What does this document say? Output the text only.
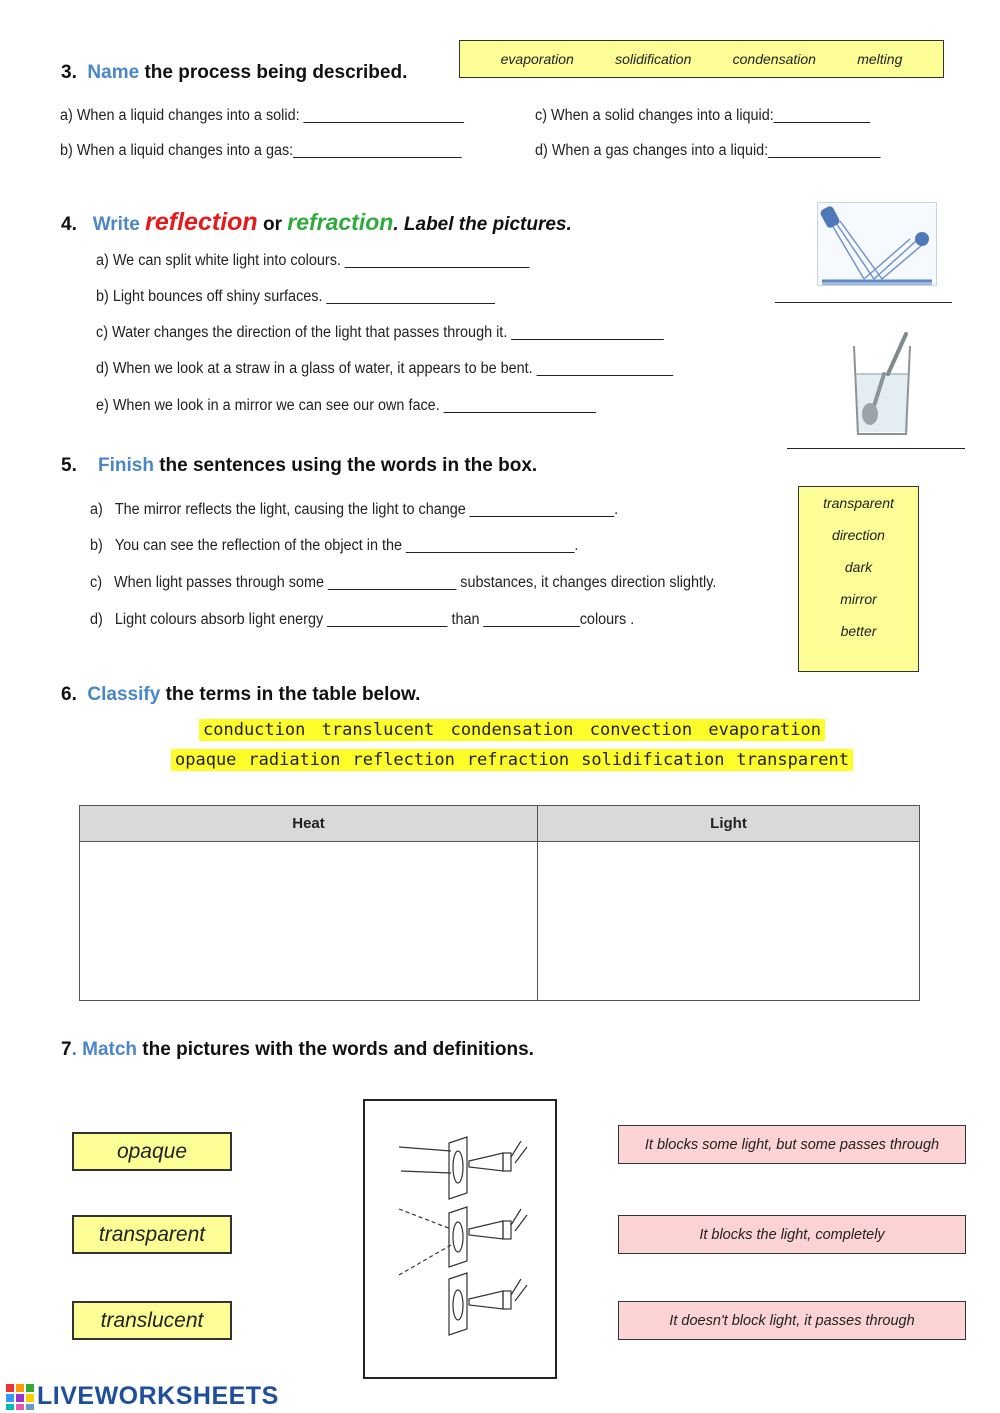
3. Name the process being described.
evaporation	solidification	condensation	melting
a) When a liquid changes into a solid: ____________________
b) When a liquid changes into a gas:_____________________
c) When a solid changes into a liquid:____________
d) When a gas changes into a liquid:______________
4.
Write
reflection
or
refraction . Label the pictures.
a) We can split white light into colours. _______________________
b) Light bounces off shiny surfaces. _____________________
c) Water changes the direction of the light that passes through it. ___________________
d) When we look at a straw in a glass of water, it appears to be bent. _________________
e) When we look in a mirror we can see our own face. ___________________
5. Finish the sentences using the words in the box.
a) The mirror reflects the light, causing the light to change __________________.
b) You can see the reflection of the object in the _____________________.
c) When light passes through some ________________ substances, it changes direction slightly.
d) Light colours absorb light energy _______________ than ____________colours .
transparent
direction
dark
mirror
better
6. Classify the terms in the table below.
conduction translucent condensation convection evaporation
opaque radiation reflection refraction solidification transparent
Heat	Light

7. Match the pictures with the words and definitions.
opaque
transparent
translucent
It blocks some light, but some passes through
It blocks the light, completely
It doesn't block light, it passes through
LIVEWORKSHEETS
